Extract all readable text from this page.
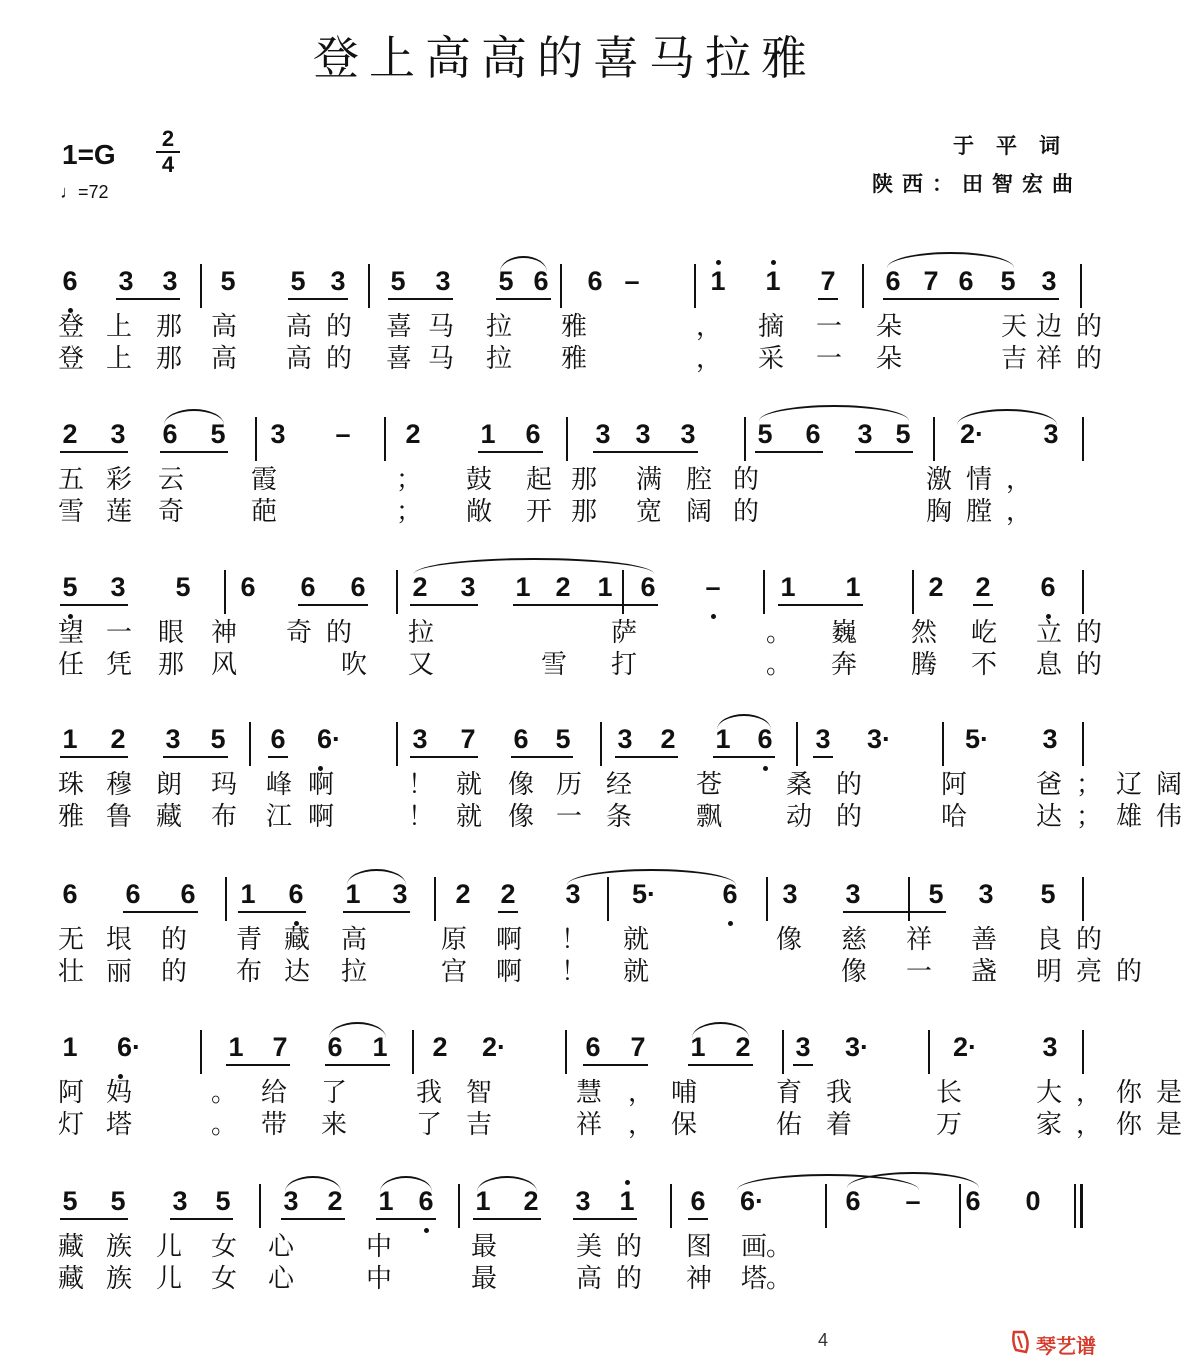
登上高高的喜马拉雅
1=G
2
4
♩=72
于平词
陕西：田智宏曲
6 3 3 5 5 3 5 3 5 6 6 –	1 1 7 6 7 6 5 3
登 上 那 高 高 的 喜 马 拉 雅	， 摘 一 朵	天 边 的
登 上 那 高 高 的 喜 马 拉 雅	， 采 一 朵	吉 祥 的
2 3 6 5 3 – 2 1 6 3 3 3 5 6 3 5 2· 3
五 彩 云	霞	； 鼓 起 那 满 腔 的	激 情 ，
雪 莲 奇	葩	； 敞 开 那 宽 阔 的	胸 膛 ，
5 3 5 6 6 6 2 3 1 2 1 6 – 1 1	2 2 6
望 一 眼 神 奇 的 拉	萨	。 巍 然 屹 立 的
任 凭 那 风	吹 又	雪 打	。 奔 腾 不 息 的
1 2 3 5 6 6·	3 7 6 5 3 2 1 6 3 3·	5· 3
珠 穆 朗 玛 峰 啊	！ 就 像 历 经 苍 桑 的	阿	爸 ； 辽 阔
雅 鲁 藏 布 江 啊	！ 就 像 一 条 飘 动 的	哈	达 ； 雄 伟
6 6 6 1 6 1 3 2 2 3 5· 6 3 3	5 3 5
无 垠 的 青 藏 高	原 啊 ！ 就	像 慈 祥 善 良 的
壮 丽 的 布 达 拉	宫 啊 ！ 就	像 一 盏 明 亮 的
1 6·	1 7 6 1 2 2·	6 7 1 2 3 3·	2· 3
阿 妈	。 给 了	我 智	慧 ， 哺	育 我	长	大 ， 你 是
灯 塔	。 带 来	了 吉	祥 ， 保	佑 着	万	家 ， 你 是
5 5 3 5 3 2 1 6 1 2 3 1 6 6·	6 – 6 0
藏 族 儿 女 心	中	最	美 的 图 画
。
藏 族 儿 女 心	中	最	高 的 神 塔
。
4	琴艺谱
